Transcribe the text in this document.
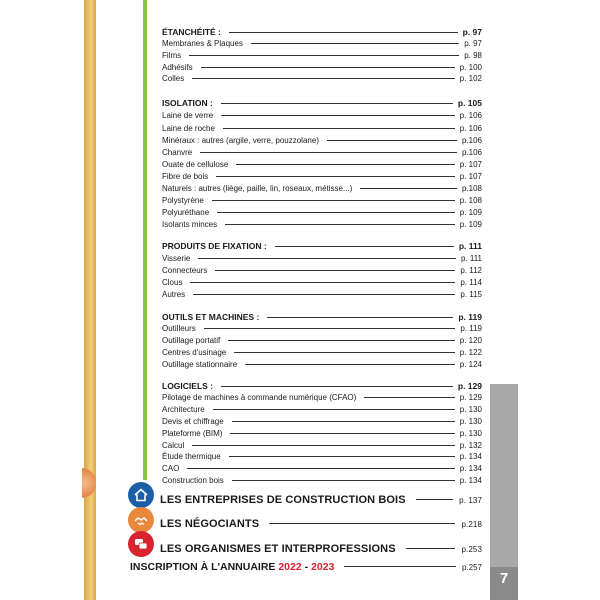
7
ÉTANCHÉITÉ :	p. 97
Membranes & Plaques	p. 97
Films	p. 98
Adhésifs	p. 100
Colles	p. 102
ISOLATION :	p. 105
Laine de verre	p. 106
Laine de roche	p. 106
Minéraux : autres (argile, verre, pouzzolane)	p.106
Chanvre	p.106
Ouate de cellulose	p. 107
Fibre de bois	p. 107
Naturels : autres (liège, paille, lin, roseaux, métisse...)	p.108
Polystyrène	p. 108
Polyuréthane	p. 109
Isolants minces	p. 109
PRODUITS DE FIXATION :	p. 111
Visserie	p. 111
Connecteurs	p. 112
Clous	p. 114
Autres	p. 115
OUTILS ET MACHINES :	p. 119
Outilleurs	p. 119
Outillage portatif	p. 120
Centres d'usinage	p. 122
Outillage stationnaire	p. 124
LOGICIELS :	p. 129
Pilotage de machines à commande numérique (CFAO)	p. 129
Architecture	p. 130
Devis et chiffrage	p. 130
Plateforme (BIM)	p. 130
Calcul	p. 132
Étude thermique	p. 134
CAO	p. 134
Construction bois	p. 134
LES ENTREPRISES DE CONSTRUCTION BOIS	p. 137
LES NÉGOCIANTS	p.218
LES ORGANISMES ET INTERPROFESSIONS	p.253
INSCRIPTION À L'ANNUAIRE 2022 - 2023	p.257
